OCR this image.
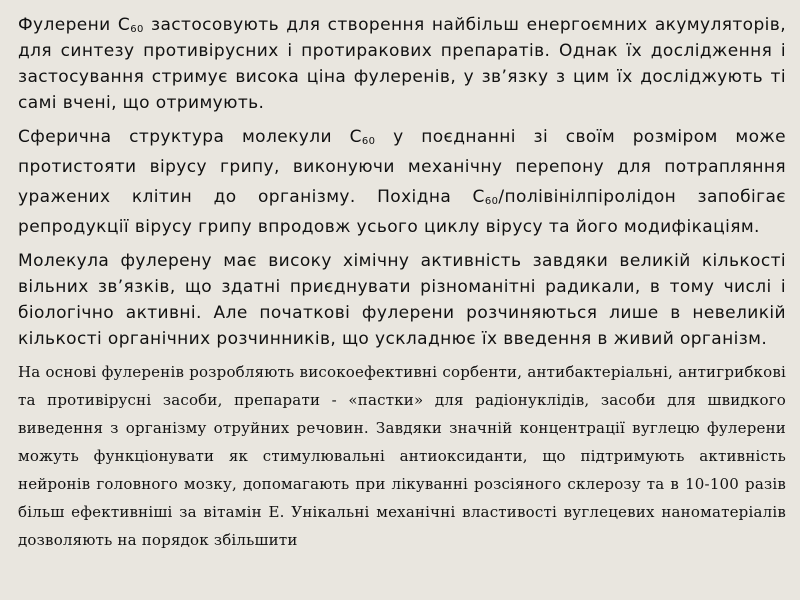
Фулерени $C_{60}$ застосовують для створення найбільш енергоємних акумуляторів, для синтезу противірусних і протиракових препаратів. Однак їх дослідження і застосування стримує висока ціна фулеренів, у зв’язку з цим їх досліджують ті самі вчені, що отримують.

Сферична структура молекули $C_{60}$ у поєднанні зі своїм розміром може протистояти вірусу грипу, виконуючи механічну перепону для потрапляння уражених клітин до організму. Похідна $C_{60}$/полівінілпіролідон запобігає репродукції вірусу грипу впродовж усього циклу вірусу та його модифікаціям.

Молекула фулерену має високу хімічну активність завдяки великій кількості вільних зв’язків, що здатні приєднувати різноманітні радикали, в тому числі і біологічно активні. Але початкові фулерени розчиняються лише в невеликій кількості органічних розчинників, що ускладнює їх введення в живий організм.

На основі фулеренів розробляють високоефективні сорбенти, антибактеріальні, антигрибкові та противірусні засоби, препарати - «пастки» для радіонуклідів, засоби для швидкого виведення з організму отруйних речовин. Завдяки значній концентрації вуглецю фулерени можуть функціонувати як стимулювальні антиоксиданти, що підтримують активність нейронів головного мозку, допомагають при лікуванні розсіяного склерозу та в 10-100 разів більш ефективніші за вітамін Е. Унікальні механічні властивості вуглецевих наноматеріалів дозволяють на порядок збільшити
